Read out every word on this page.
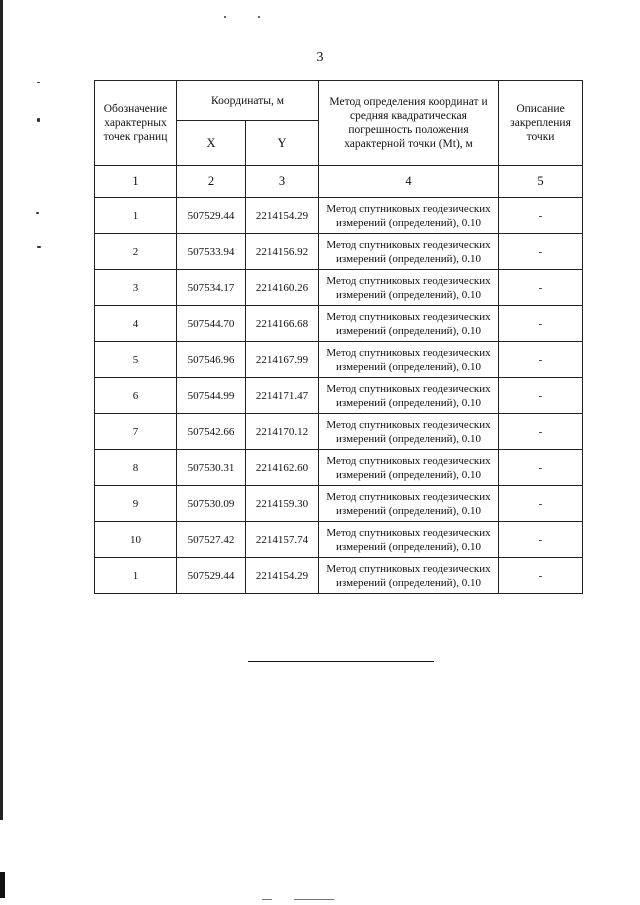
3
Обозначение характерных точек границ	Координаты, м		Метод определения координат и средняя квадратическая погрешность положения характерной точки (Mt), м	Описание закрепления точки
	X	Y		
1	2	3	4	5
1	507529.44	2214154.29	Метод спутниковых геодезических измерений (определений), 0.10	-
2	507533.94	2214156.92	Метод спутниковых геодезических измерений (определений), 0.10	-
3	507534.17	2214160.26	Метод спутниковых геодезических измерений (определений), 0.10	-
4	507544.70	2214166.68	Метод спутниковых геодезических измерений (определений), 0.10	-
5	507546.96	2214167.99	Метод спутниковых геодезических измерений (определений), 0.10	-
6	507544.99	2214171.47	Метод спутниковых геодезических измерений (определений), 0.10	-
7	507542.66	2214170.12	Метод спутниковых геодезических измерений (определений), 0.10	-
8	507530.31	2214162.60	Метод спутниковых геодезических измерений (определений), 0.10	-
9	507530.09	2214159.30	Метод спутниковых геодезических измерений (определений), 0.10	-
10	507527.42	2214157.74	Метод спутниковых геодезических измерений (определений), 0.10	-
1	507529.44	2214154.29	Метод спутниковых геодезических измерений (определений), 0.10	-
